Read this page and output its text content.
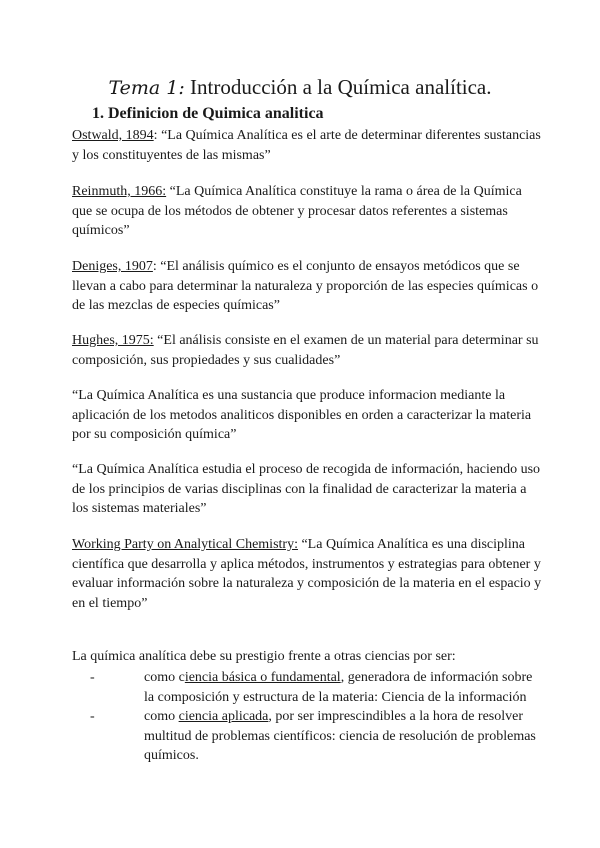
Tema 1: Introducción a la Química analítica.
1. Definicion de Quimica analitica
Ostwald, 1894: “La Química Analítica es el arte de determinar diferentes sustancias y los constituyentes de las mismas”
Reinmuth, 1966: “La Química Analítica constituye la rama o área de la Química que se ocupa de los métodos de obtener y procesar datos referentes a sistemas químicos”
Deniges, 1907: “El análisis químico es el conjunto de ensayos metódicos que se llevan a cabo para determinar la naturaleza y proporción de las especies químicas o de las mezclas de especies químicas”
Hughes, 1975: “El análisis consiste en el examen de un material para determinar su composición, sus propiedades y sus cualidades”
“La Química Analítica es una sustancia que produce informacion mediante la aplicación de los metodos analiticos disponibles en orden a caracterizar la materia por su composición química”
“La Química Analítica estudia el proceso de recogida de información, haciendo uso de los principios de varias disciplinas con la finalidad de caracterizar la materia a los sistemas materiales”
Working Party on Analytical Chemistry: “La Química Analítica es una disciplina científica que desarrolla y aplica métodos, instrumentos y estrategias para obtener y evaluar información sobre la naturaleza y composición de la materia en el espacio y en el tiempo”
La química analítica debe su prestigio frente a otras ciencias por ser:
-	como ciencia básica o fundamental, generadora de información sobre la composición y estructura de la materia: Ciencia de la información
-	como ciencia aplicada, por ser imprescindibles a la hora de resolver multitud de problemas científicos: ciencia de resolución de problemas químicos.
